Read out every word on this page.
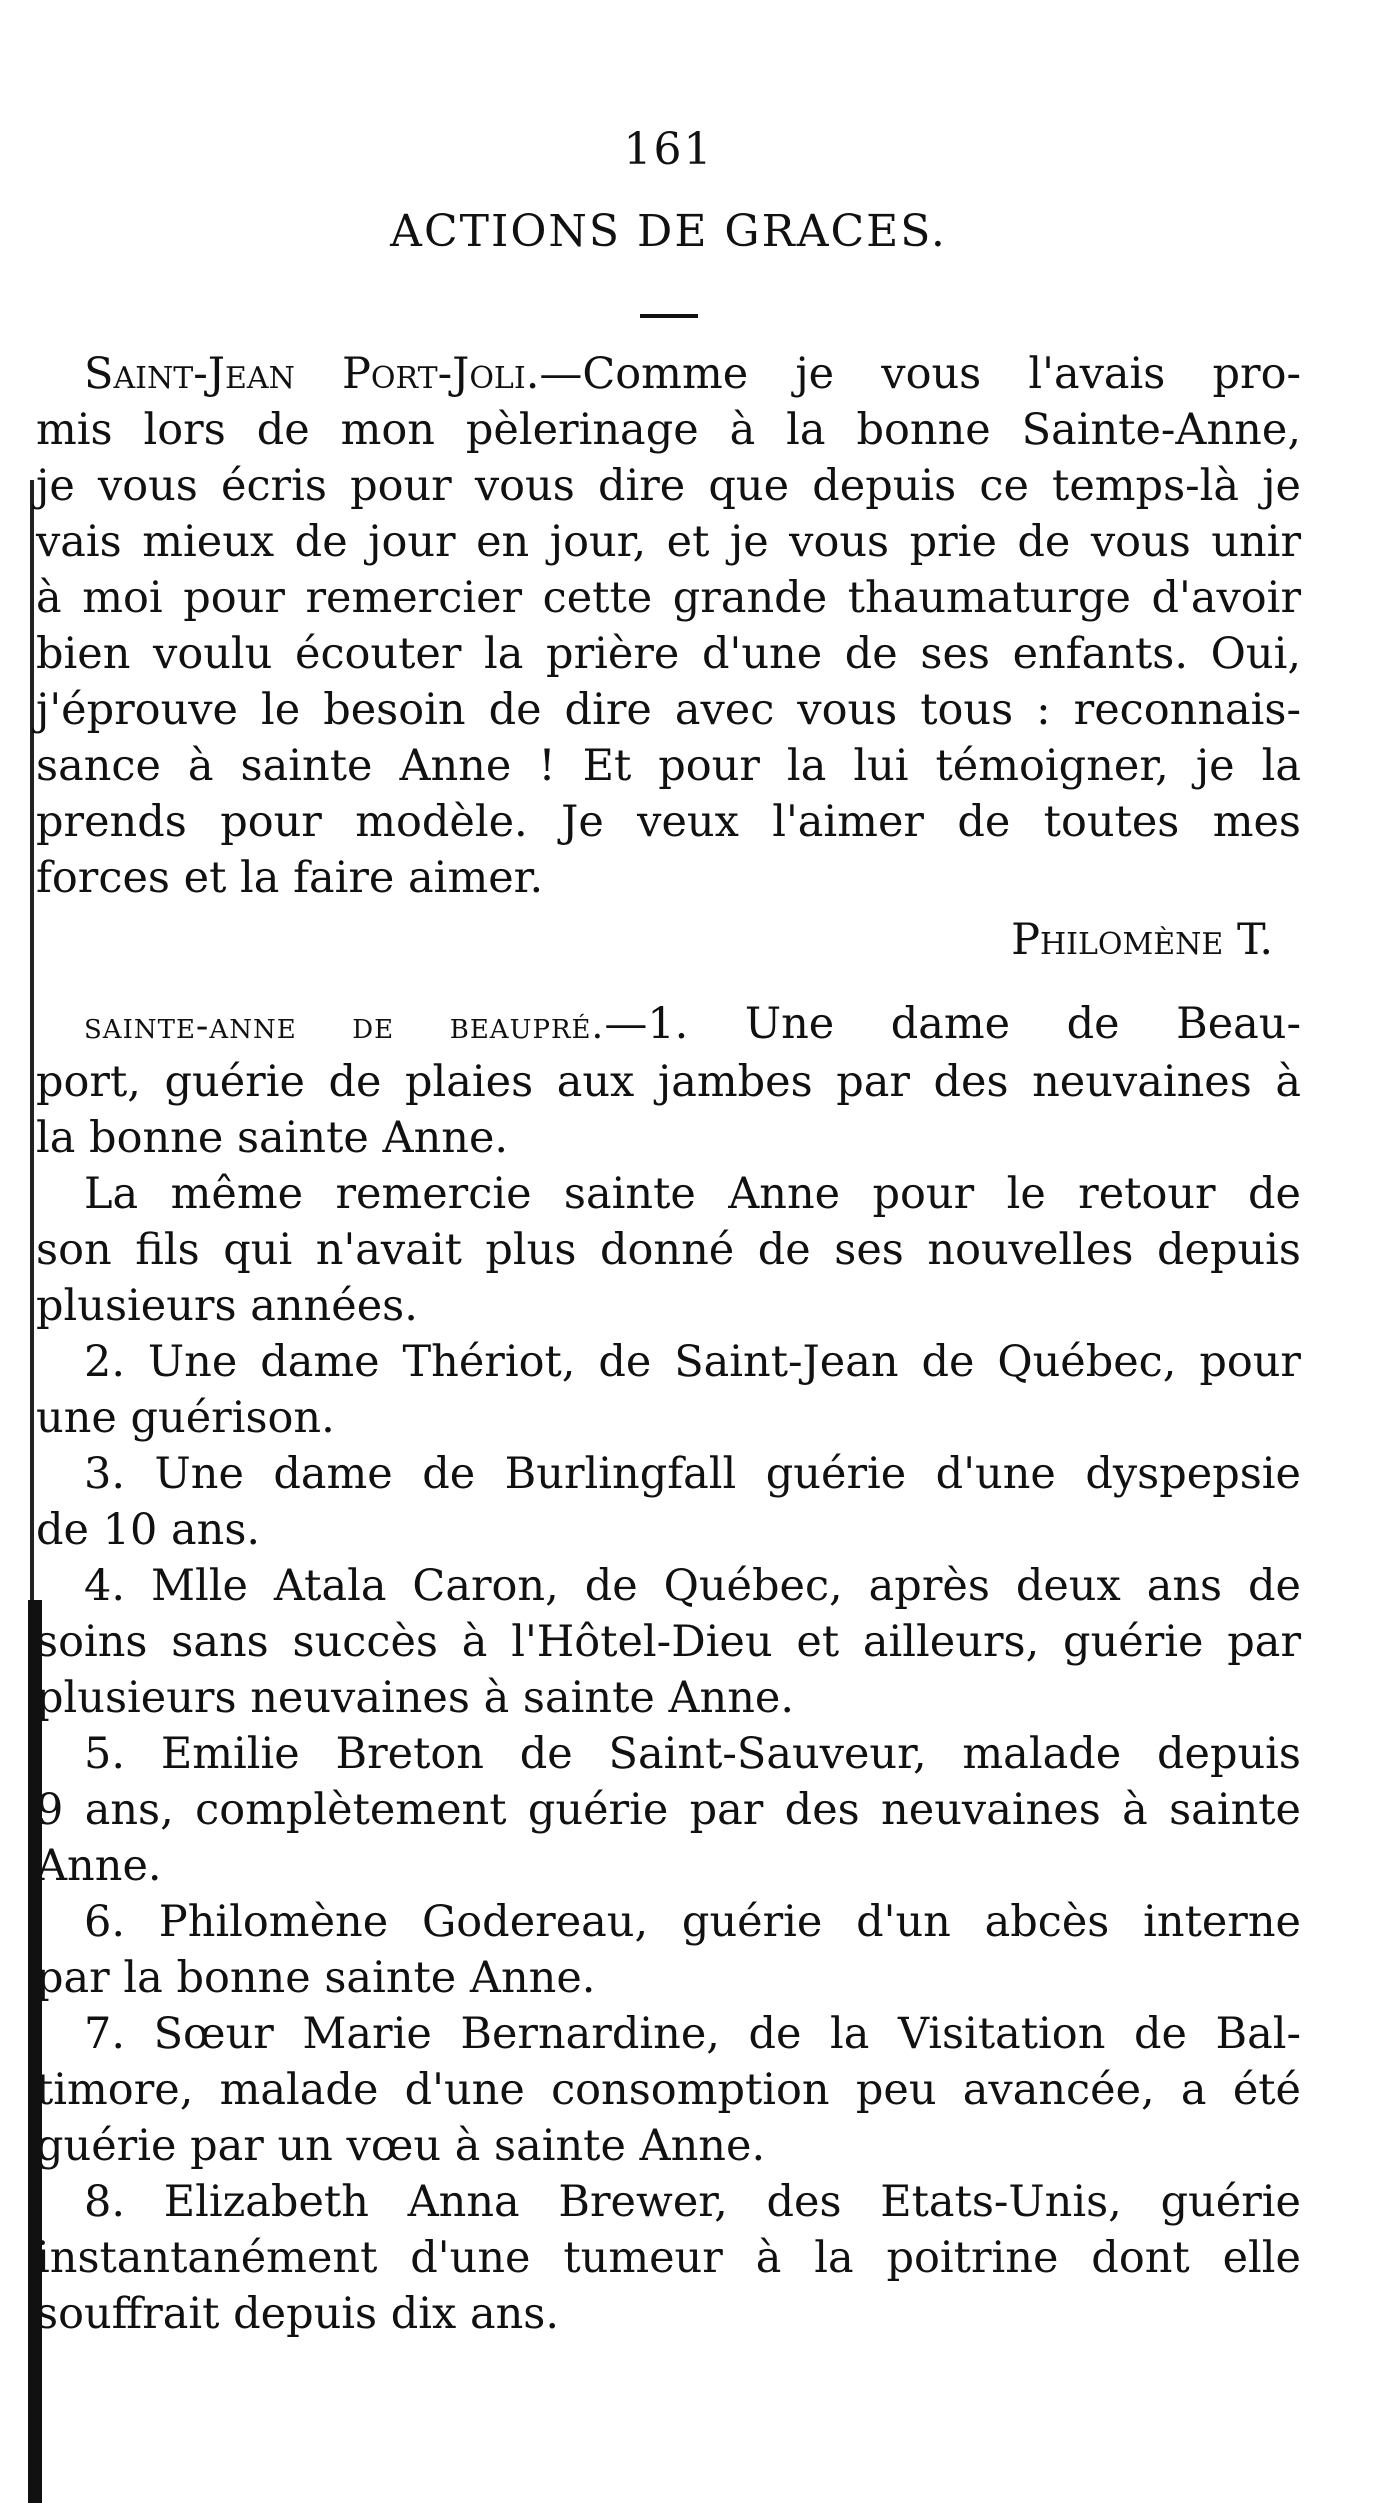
161
ACTIONS DE GRACES.
Saint-Jean Port-Joli.—Comme je vous l'avais pro-
mis lors de mon pèlerinage à la bonne Sainte-Anne,
je vous écris pour vous dire que depuis ce temps-là je
vais mieux de jour en jour, et je vous prie de vous unir
à moi pour remercier cette grande thaumaturge d'avoir
bien voulu écouter la prière d'une de ses enfants. Oui,
j'éprouve le besoin de dire avec vous tous : reconnais-
sance à sainte Anne ! Et pour la lui témoigner, je la
prends pour modèle. Je veux l'aimer de toutes mes
forces et la faire aimer.
Philomène T.
sainte-anne de beaupré.—1. Une dame de Beau-
port, guérie de plaies aux jambes par des neuvaines à
la bonne sainte Anne.
La même remercie sainte Anne pour le retour de
son fils qui n'avait plus donné de ses nouvelles depuis
plusieurs années.
2. Une dame Thériot, de Saint-Jean de Québec, pour
une guérison.
3. Une dame de Burlingfall guérie d'une dyspepsie
de 10 ans.
4. Mlle Atala Caron, de Québec, après deux ans de
soins sans succès à l'Hôtel-Dieu et ailleurs, guérie par
plusieurs neuvaines à sainte Anne.
5. Emilie Breton de Saint-Sauveur, malade depuis
9 ans, complètement guérie par des neuvaines à sainte
Anne.
6. Philomène Godereau, guérie d'un abcès interne
par la bonne sainte Anne.
7. Sœur Marie Bernardine, de la Visitation de Bal-
timore, malade d'une consomption peu avancée, a été
guérie par un vœu à sainte Anne.
8. Elizabeth Anna Brewer, des Etats-Unis, guérie
instantanément d'une tumeur à la poitrine dont elle
souffrait depuis dix ans.
